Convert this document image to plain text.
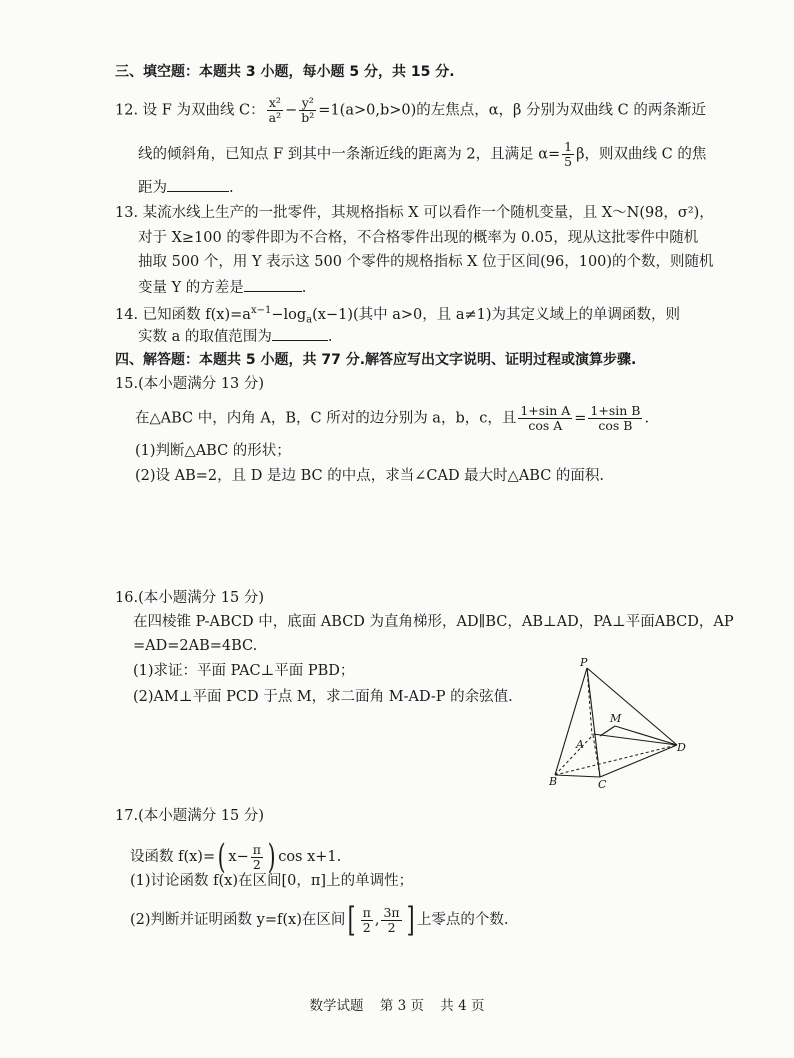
三、填空题：本题共 3 小题，每小题 5 分，共 15 分.
12. 设 F 为双曲线 C： $\frac{\text{x²}}{\text{a²}} - \frac{\text{y²}}{\text{b²}} =1(a>0,b>0)$的左焦点，α，β 分别为双曲线 C 的两条渐近
线的倾斜角，已知点 F 到其中一条渐近线的距离为 2，且满足 $\alpha= \frac{1}{5}$ β，则双曲线 C 的焦
距为	.
13. 某流水线上生产的一批零件，其规格指标 X 可以看作一个随机变量，且 X～N(98，σ²)，
对于 X≥100 的零件即为不合格，不合格零件出现的概率为 0.05，现从这批零件中随机
抽取 500 个，用 Y 表示这 500 个零件的规格指标 X 位于区间(96，100)的个数，则随机
变量 Y 的方差是	.
14. 已知函数 $f(x)=a^{x-1}-\log_a(x-1)$(其中 a>0，且 a≠1)为其定义域上的单调函数，则
实数 a 的取值范围为	.
四、解答题：本题共 5 小题，共 77 分.解答应写出文字说明、证明过程或演算步骤.
15.(本小题满分 13 分)
在△ABC 中，内角 A，B，C 所对的边分别为 a，b，c，且 $\frac{\text{1+sin A}}{\text{cos A}} = \frac{\text{1+sin B}}{\text{cos B}}$ .
(1)判断△ABC 的形状；
(2)设 AB=2，且 D 是边 BC 的中点，求当∠CAD 最大时△ABC 的面积.
16.(本小题满分 15 分)
在四棱锥 P-ABCD 中，底面 ABCD 为直角梯形，AD∥BC，AB⊥AD，PA⊥平面ABCD，AP
=AD=2AB=4BC.
(1)求证：平面 PAC⊥平面 PBD；
(2)AM⊥平面 PCD 于点 M，求二面角 M-AD-P 的余弦值.
P
M
A	D
B	C
17.(本小题满分 15 分)
设函数 f(x)=( $x- \frac{\pi}{2}$ ) cos x+1.
(1)讨论函数 f(x)在区间[0，π]上的单调性；
(2)判断并证明函数 y=f(x)在区间[ $\frac{\pi}{2}$ , $\frac{3\pi}{2}$ ] 上零点的个数.
数学试题 第 3 页 共 4 页
